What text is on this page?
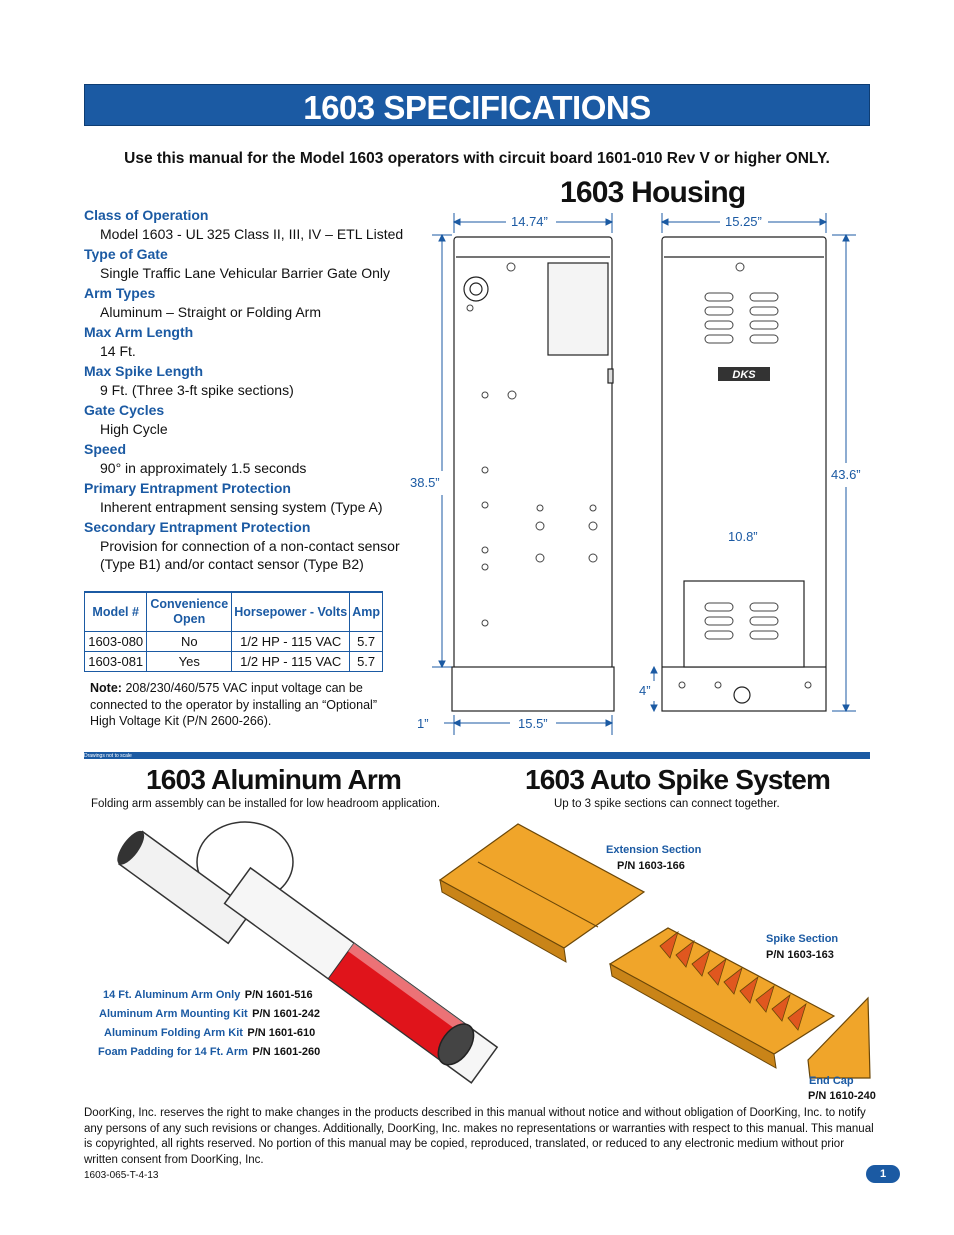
1603 SPECIFICATIONS
Use this manual for the Model 1603 operators with circuit board 1601-010 Rev V or higher ONLY.
Class of Operation
Model 1603 - UL 325 Class II, III, IV – ETL Listed
Type of Gate
Single Traffic Lane Vehicular Barrier Gate Only
Arm Types
Aluminum – Straight or Folding Arm
Max Arm Length
14 Ft.
Max Spike Length
9 Ft. (Three 3-ft spike sections)
Gate Cycles
High Cycle
Speed
90° in approximately 1.5 seconds
Primary Entrapment Protection
Inherent entrapment sensing system (Type A)
Secondary Entrapment Protection
Provision for connection of a non-contact sensor (Type B1) and/or contact sensor (Type B2)
Model #	Convenience Open	Horsepower - Volts	Amp
1603-080	No	1/2 HP - 115 VAC	5.7
1603-081	Yes	1/2 HP - 115 VAC	5.7
Note: 208/230/460/575 VAC input voltage can be connected to the operator by installing an “Optional” High Voltage Kit (P/N 2600-266).
1603 Housing
DKS
14.74”	15.25”
38.5”
43.6”
10.8”
4”
1”	15.5”
Drawings not to scale
1603 Aluminum Arm
Folding arm assembly can be installed for low headroom application.
14 Ft. Aluminum Arm Only P/N 1601-516
Aluminum Arm Mounting Kit P/N 1601-242
Aluminum Folding Arm Kit P/N 1601-610
Foam Padding for 14 Ft. Arm P/N 1601-260
1603 Auto Spike System
Up to 3 spike sections can connect together.
Extension Section
P/N 1603-166
Spike Section
P/N 1603-163
End Cap
P/N 1610-240
DoorKing, Inc. reserves the right to make changes in the products described in this manual without notice and without obligation of DoorKing, Inc. to notify any persons of any such revisions or changes. Additionally, DoorKing, Inc. makes no representations or warranties with respect to this manual. This manual is copyrighted, all rights reserved. No portion of this manual may be copied, reproduced, translated, or reduced to any electronic medium without prior written consent from DoorKing, Inc.
1603-065-T-4-13	1
